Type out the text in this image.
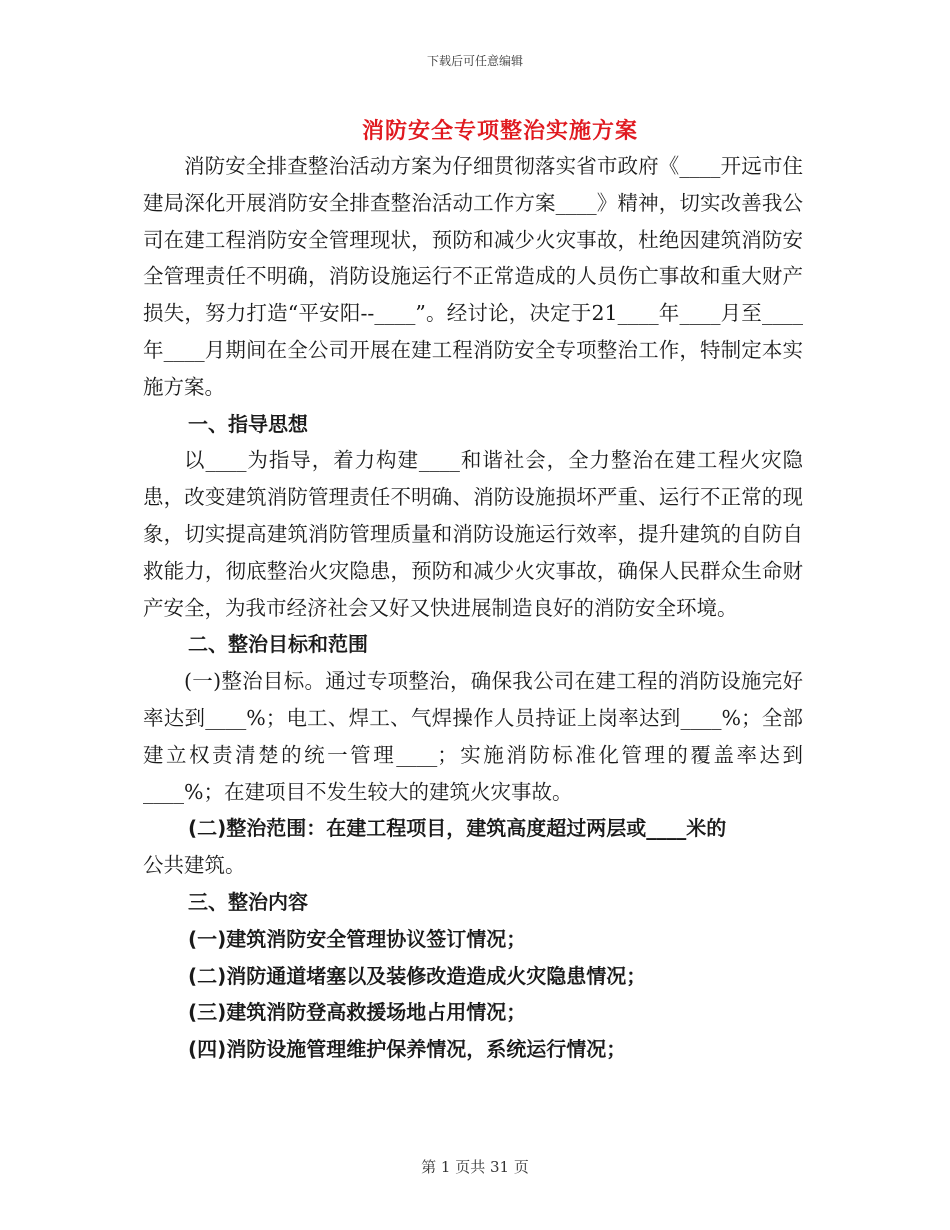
下载后可任意编辑
消防安全专项整治实施方案

消防安全排查整治活动方案为仔细贯彻落实省市政府《____开远市住建局深化开展消防安全排查整治活动工作方案____》精神，切实改善我公司在建工程消防安全管理现状，预防和减少火灾事故，杜绝因建筑消防安全管理责任不明确，消防设施运行不正常造成的人员伤亡事故和重大财产损失，努力打造“平安阳--____”。经讨论，决定于21____年____月至____年____月期间在全公司开展在建工程消防安全专项整治工作，特制定本实施方案。

一、指导思想

以____为指导，着力构建____和谐社会，全力整治在建工程火灾隐患，改变建筑消防管理责任不明确、消防设施损坏严重、运行不正常的现象，切实提高建筑消防管理质量和消防设施运行效率，提升建筑的自防自救能力，彻底整治火灾隐患，预防和减少火灾事故，确保人民群众生命财产安全，为我市经济社会又好又快进展制造良好的消防安全环境。

二、整治目标和范围

(一)整治目标。通过专项整治，确保我公司在建工程的消防设施完好率达到____%；电工、焊工、气焊操作人员持证上岗率达到____%；全部建立权责清楚的统一管理____；实施消防标准化管理的覆盖率达到____%；在建项目不发生较大的建筑火灾事故。

(二)整治范围：在建工程项目，建筑高度超过两层或____米的

公共建筑。

三、整治内容

(一)建筑消防安全管理协议签订情况；

(二)消防通道堵塞以及装修改造造成火灾隐患情况；

(三)建筑消防登高救援场地占用情况；

(四)消防设施管理维护保养情况，系统运行情况；

第 1 页共 31 页
